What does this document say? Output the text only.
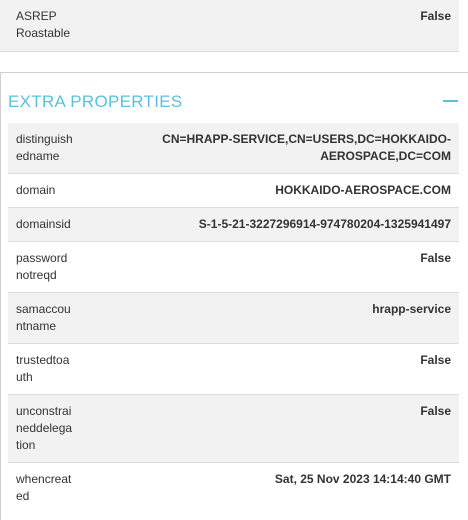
ASREP Roastable
False
EXTRA PROPERTIES
distinguishedname
CN=HRAPP-SERVICE,CN=USERS,DC=HOKKAIDO-AEROSPACE,DC=COM
domain	HOKKAIDO-AEROSPACE.COM
domainsid	S-1-5-21-3227296914-974780204-1325941497
passwordnotreqd
False
samaccountname
hrapp-service
trustedtoauth
False
unconstraineddelegation
False
whencreated
Sat, 25 Nov 2023 14:14:40 GMT
